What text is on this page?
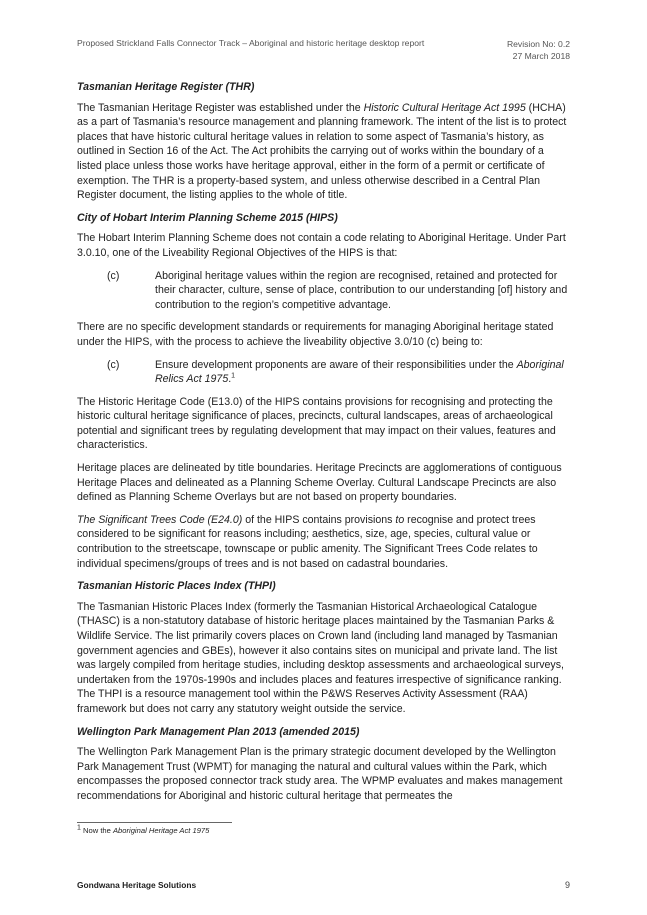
Proposed Strickland Falls Connector Track – Aboriginal and historic heritage desktop report	Revision No: 0.2
27 March 2018
Tasmanian Heritage Register (THR)

The Tasmanian Heritage Register was established under the Historic Cultural Heritage Act 1995 (HCHA) as a part of Tasmania’s resource management and planning framework. The intent of the list is to protect places that have historic cultural heritage values in relation to some aspect of Tasmania’s history, as outlined in Section 16 of the Act. The Act prohibits the carrying out of works within the boundary of a listed place unless those works have heritage approval, either in the form of a permit or certificate of exemption. The THR is a property-based system, and unless otherwise described in a Central Plan Register document, the listing applies to the whole of title.

City of Hobart Interim Planning Scheme 2015 (HIPS)

The Hobart Interim Planning Scheme does not contain a code relating to Aboriginal Heritage. Under Part 3.0.10, one of the Liveability Regional Objectives of the HIPS is that:

(c)	Aboriginal heritage values within the region are recognised, retained and protected for their character, culture, sense of place, contribution to our understanding [of] history and contribution to the region’s competitive advantage.

There are no specific development standards or requirements for managing Aboriginal heritage stated under the HIPS, with the process to achieve the liveability objective 3.0/10 (c) being to:

(c)	Ensure development proponents are aware of their responsibilities under the Aboriginal Relics Act 1975.$^1$

The Historic Heritage Code (E13.0) of the HIPS contains provisions for recognising and protecting the historic cultural heritage significance of places, precincts, cultural landscapes, areas of archaeological potential and significant trees by regulating development that may impact on their values, features and characteristics.

Heritage places are delineated by title boundaries. Heritage Precincts are agglomerations of contiguous Heritage Places and delineated as a Planning Scheme Overlay. Cultural Landscape Precincts are also defined as Planning Scheme Overlays but are not based on property boundaries.

The Significant Trees Code (E24.0) of the HIPS contains provisions to recognise and protect trees considered to be significant for reasons including; aesthetics, size, age, species, cultural value or contribution to the streetscape, townscape or public amenity. The Significant Trees Code relates to individual specimens/groups of trees and is not based on cadastral boundaries.

Tasmanian Historic Places Index (THPI)

The Tasmanian Historic Places Index (formerly the Tasmanian Historical Archaeological Catalogue (THASC) is a non-statutory database of historic heritage places maintained by the Tasmanian Parks & Wildlife Service. The list primarily covers places on Crown land (including land managed by Tasmanian government agencies and GBEs), however it also contains sites on municipal and private land. The list was largely compiled from heritage studies, including desktop assessments and archaeological surveys, undertaken from the 1970s-1990s and includes places and features irrespective of significance ranking. The THPI is a resource management tool within the P&WS Reserves Activity Assessment (RAA) framework but does not carry any statutory weight outside the service.

Wellington Park Management Plan 2013 (amended 2015)

The Wellington Park Management Plan is the primary strategic document developed by the Wellington Park Management Trust (WPMT) for managing the natural and cultural values within the Park, which encompasses the proposed connector track study area. The WPMP evaluates and makes management recommendations for Aboriginal and historic cultural heritage that permeates the

$^1$ Now the Aboriginal Heritage Act 1975
Gondwana Heritage Solutions	9
